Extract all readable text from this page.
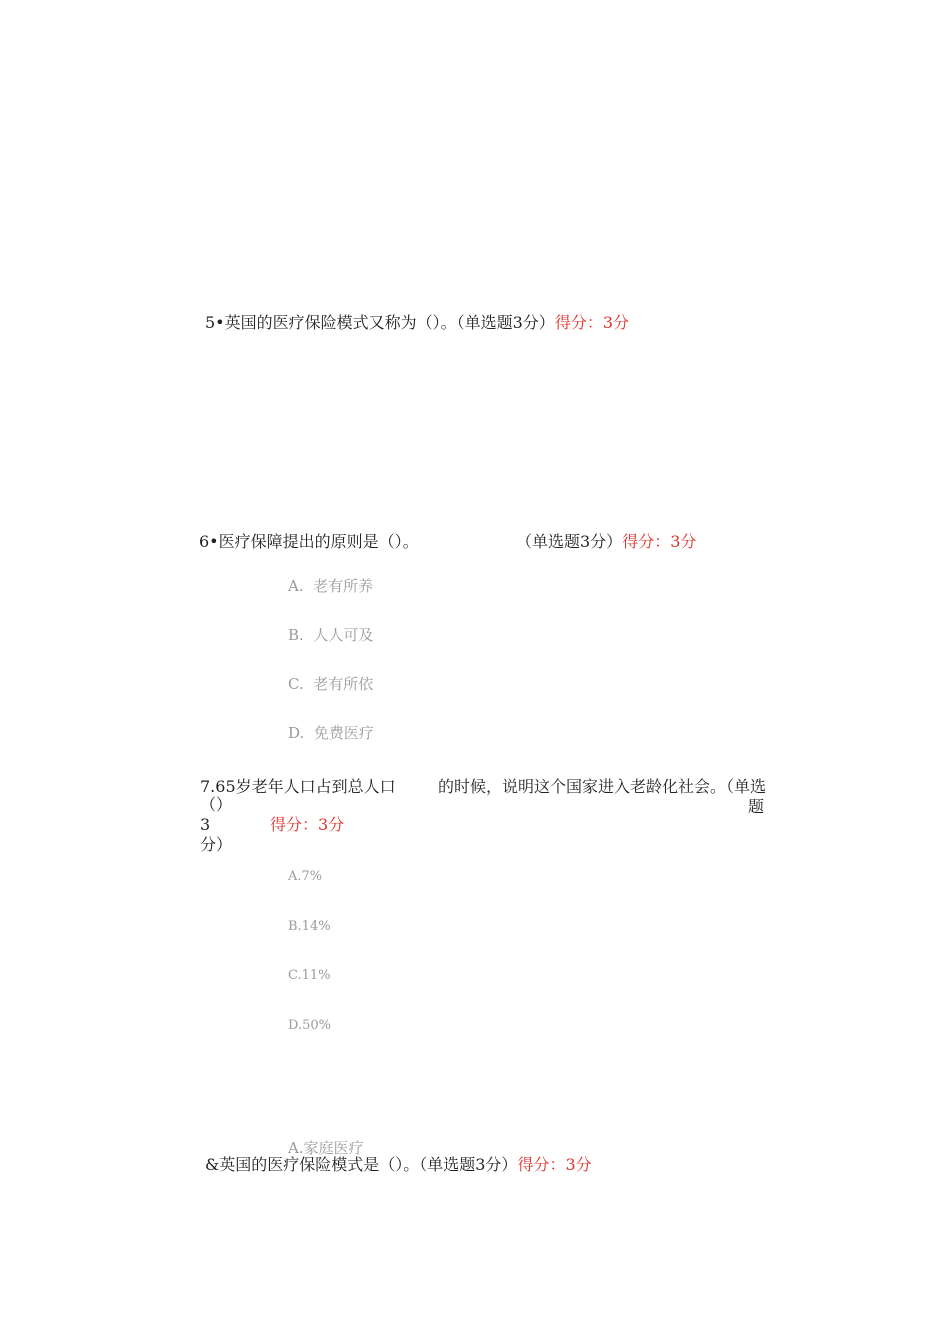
5•英国的医疗保险模式又称为（）。（单选题3分）得分：3分
6•医疗保障提出的原则是（）。	（单选题3分）得分：3分
A. 老有所养
B. 人人可及
C. 老有所依
D. 免费医疗
7.65岁老年人口占到总人口	的时候，说明这个国家进入老龄化社会。（单选
（）	题
3	得分：3分
分）
A.7%
B.14%
C.11%
D.50%
A.家庭医疗
&英国的医疗保险模式是（）。（单选题3分）得分：3分
